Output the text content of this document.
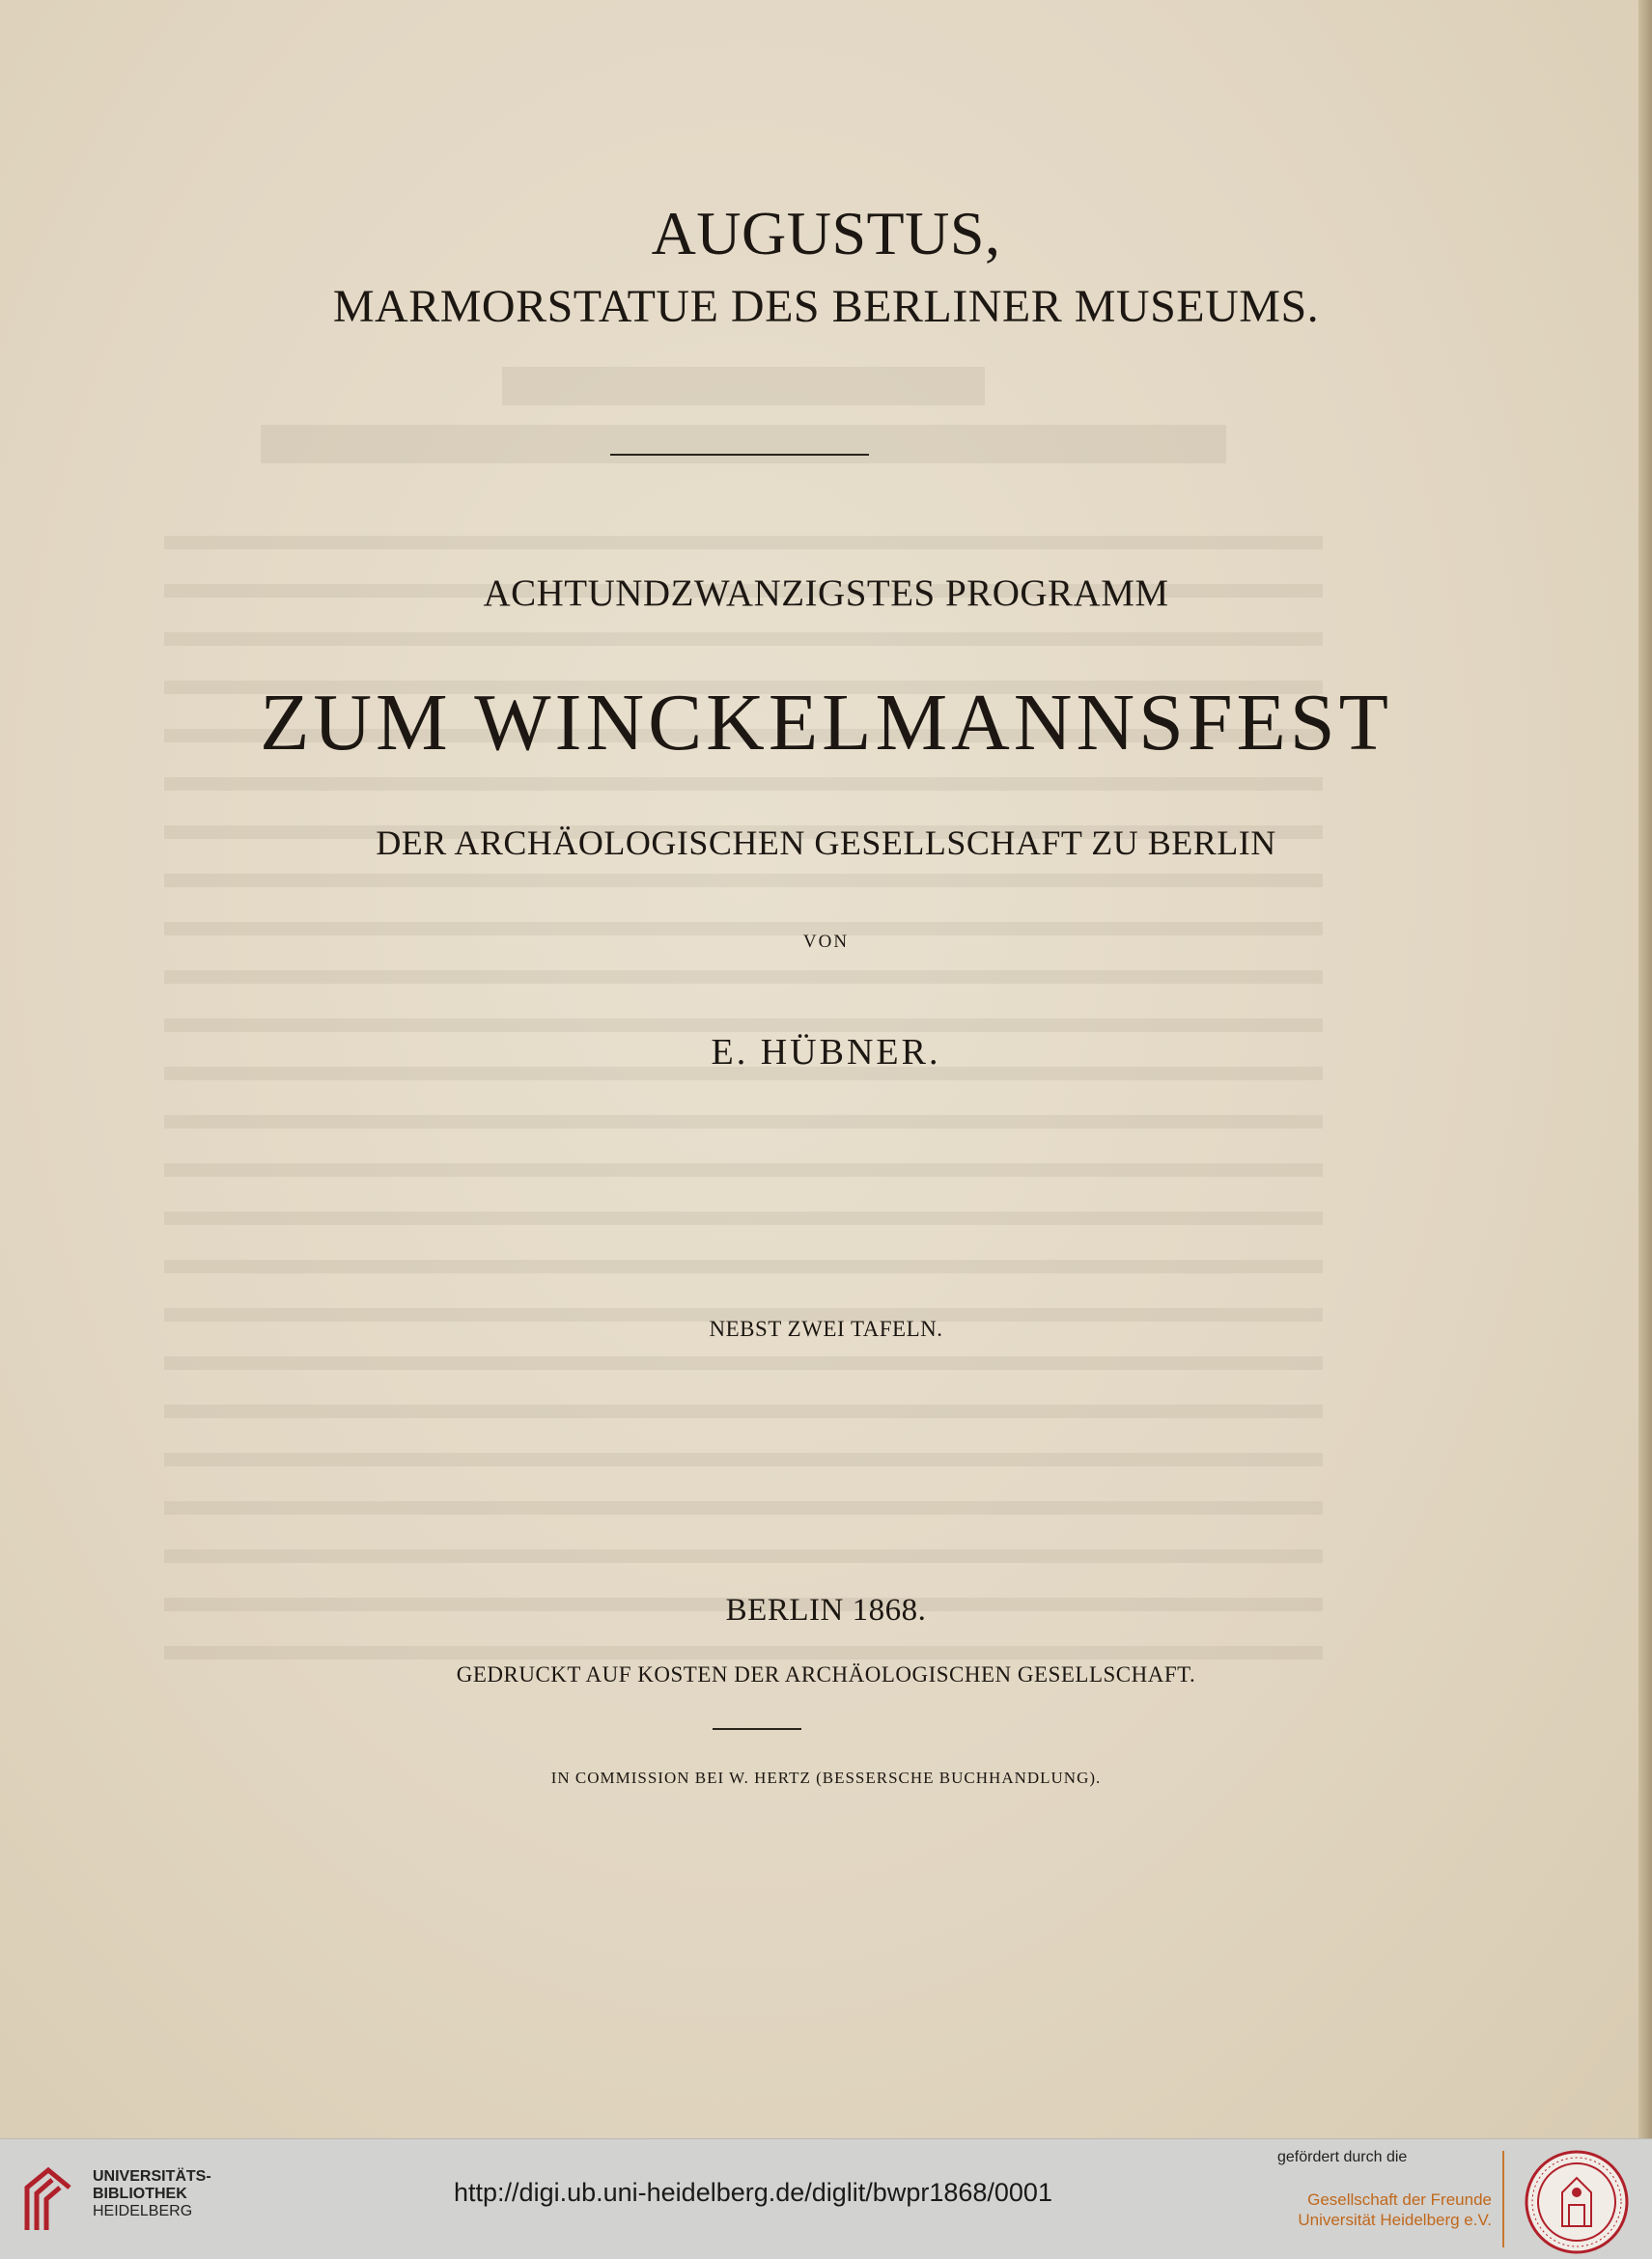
AUGUSTUS,
MARMORSTATUE DES BERLINER MUSEUMS.
ACHTUNDZWANZIGSTES PROGRAMM
ZUM WINCKELMANNSFEST
DER ARCHÄOLOGISCHEN GESELLSCHAFT ZU BERLIN
VON
E. HÜBNER.
NEBST ZWEI TAFELN.
BERLIN 1868.
GEDRUCKT AUF KOSTEN DER ARCHÄOLOGISCHEN GESELLSCHAFT.
IN COMMISSION BEI W. HERTZ (BESSERSCHE BUCHHANDLUNG).
UNIVERSITÄTS-
BIBLIOTHEK
HEIDELBERG
http://digi.ub.uni-heidelberg.de/diglit/bwpr1868/0001
gefördert durch die
Gesellschaft der Freunde
Universität Heidelberg e.V.
